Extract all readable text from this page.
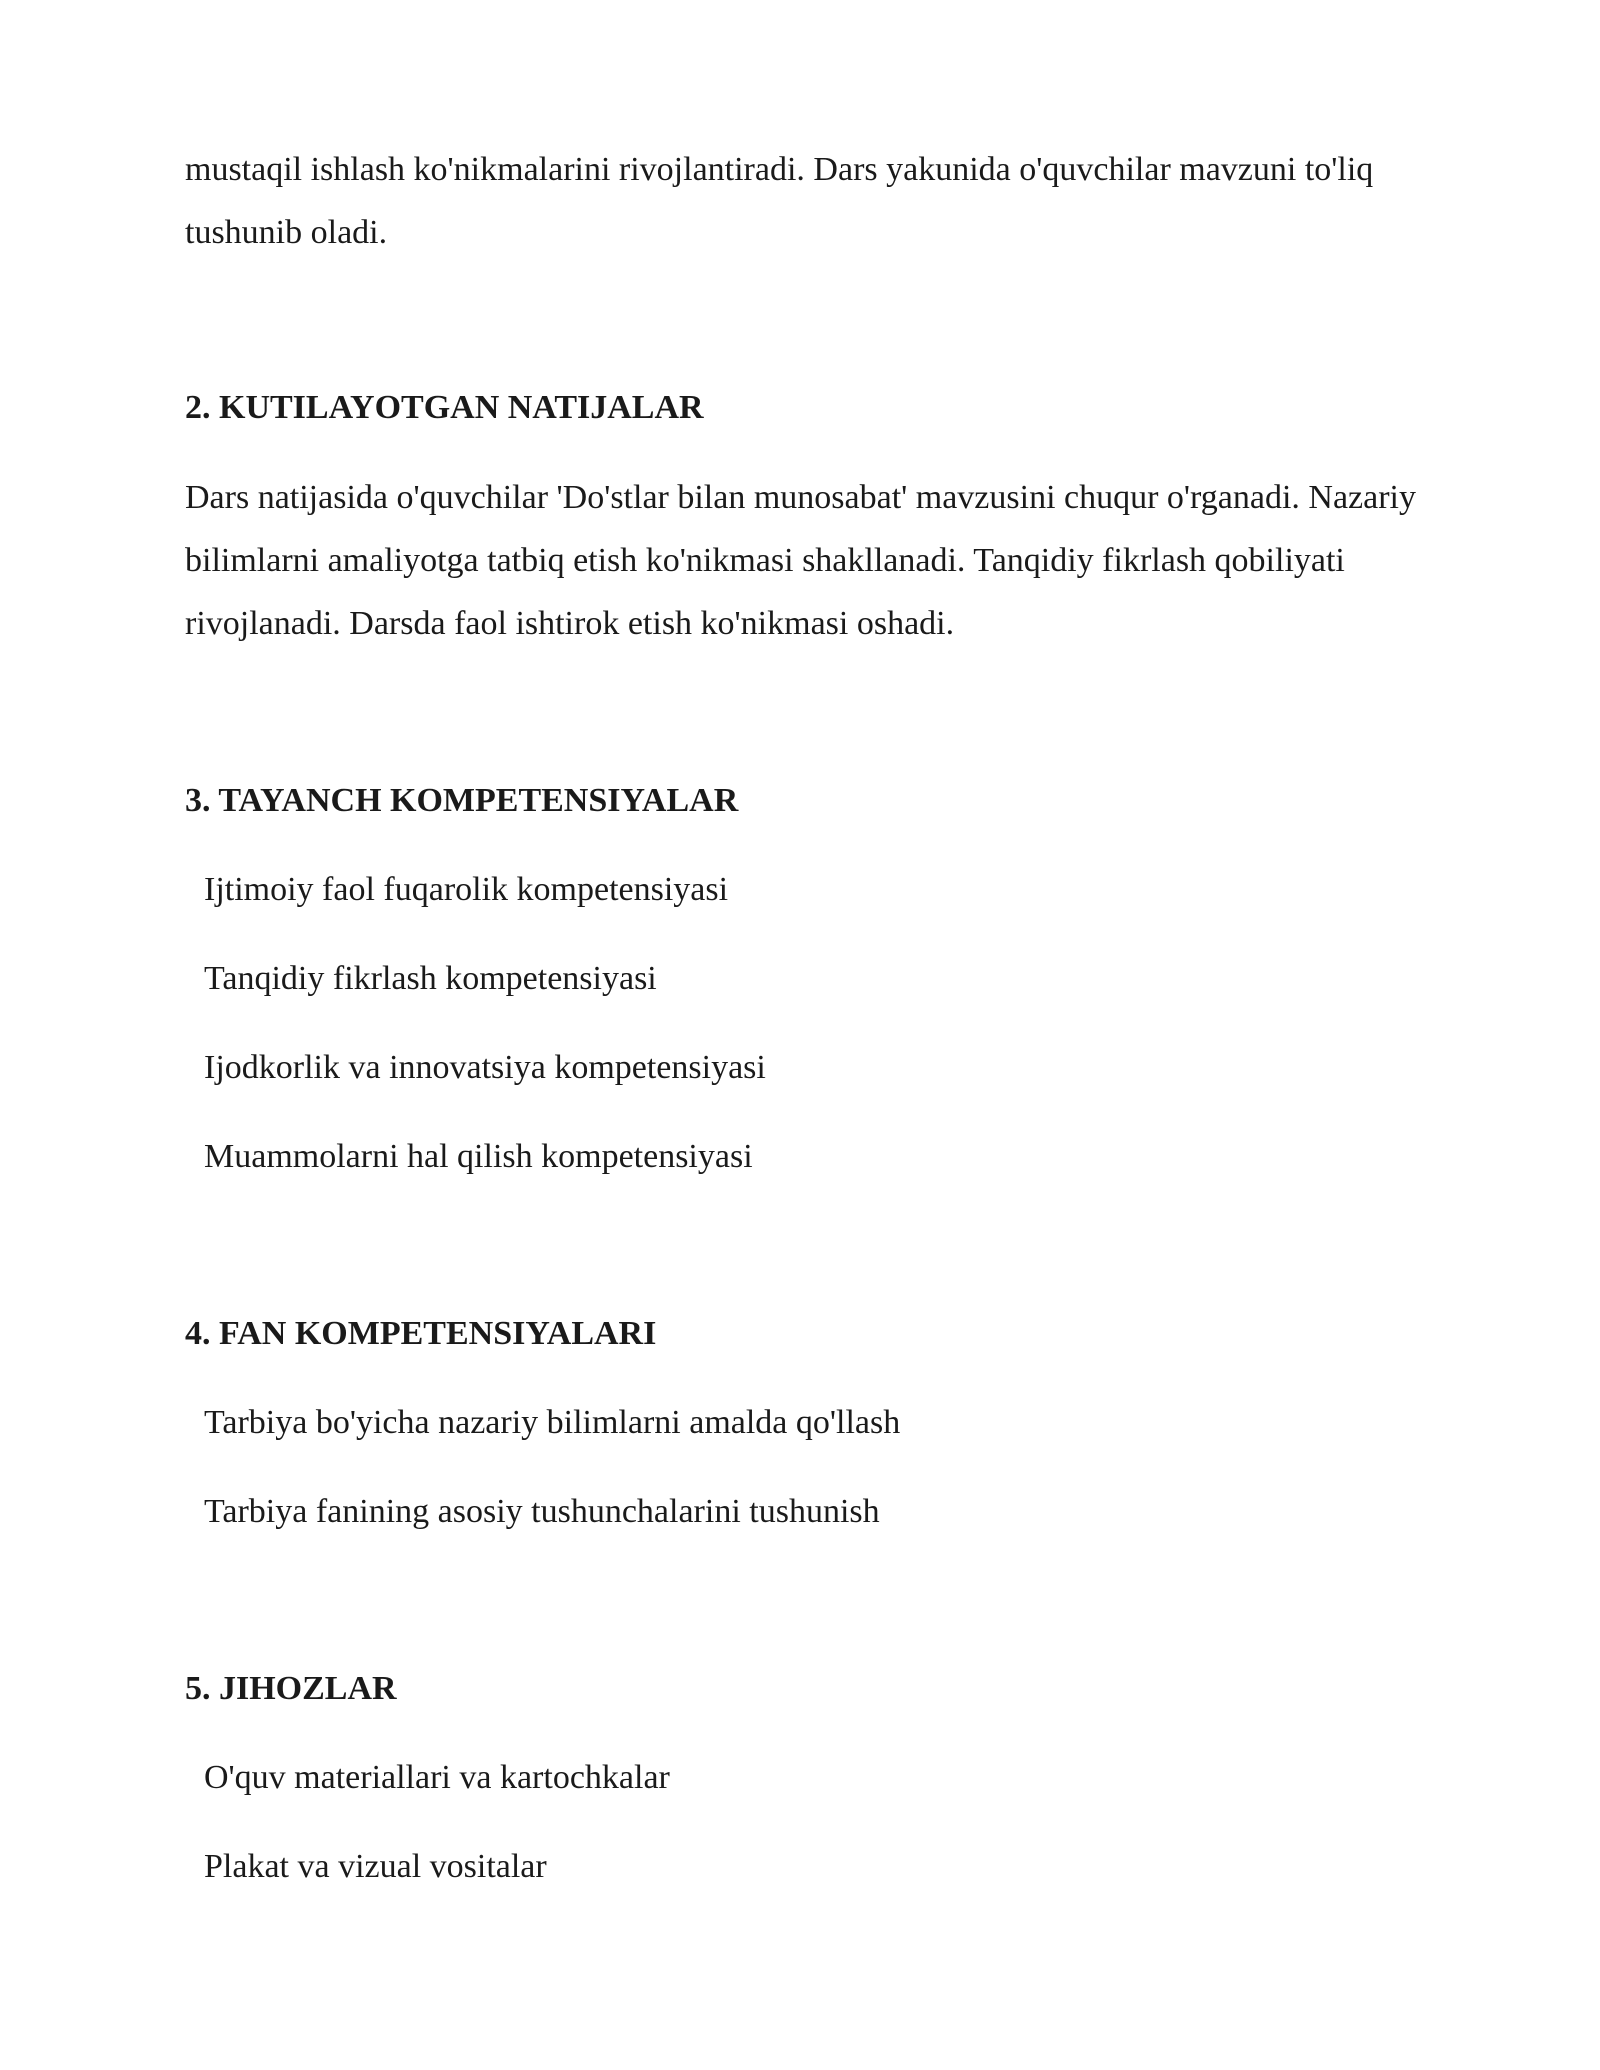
mustaqil ishlash ko'nikmalarini rivojlantiradi. Dars yakunida o'quvchilar mavzuni to'liq tushunib oladi.

2. KUTILAYOTGAN NATIJALAR

Dars natijasida o'quvchilar 'Do'stlar bilan munosabat' mavzusini chuqur o'rganadi. Nazariy bilimlarni amaliyotga tatbiq etish ko'nikmasi shakllanadi. Tanqidiy fikrlash qobiliyati rivojlanadi. Darsda faol ishtirok etish ko'nikmasi oshadi.

3. TAYANCH KOMPETENSIYALAR
Ijtimoiy faol fuqarolik kompetensiyasi
Tanqidiy fikrlash kompetensiyasi
Ijodkorlik va innovatsiya kompetensiyasi
Muammolarni hal qilish kompetensiyasi
4. FAN KOMPETENSIYALARI
Tarbiya bo'yicha nazariy bilimlarni amalda qo'llash
Tarbiya fanining asosiy tushunchalarini tushunish
5. JIHOZLAR
O'quv materiallari va kartochkalar
Plakat va vizual vositalar
